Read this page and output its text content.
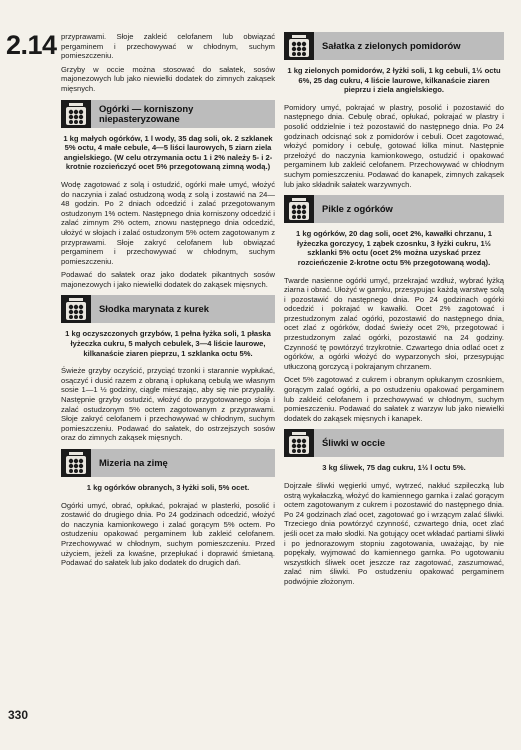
2.14 przyprawami. Słoje zakleić celofanem lub obwiązać pergaminem i przechowywać w chłodnym, suchym pomieszczeniu.

Grzyby w occie można stosować do sałatek, sosów majonezowych lub jako niewielki dodatek do zimnych zakąsek mięsnych.

Ogórki — korniszony niepasteryzowane
1 kg małych ogórków, 1 l wody, 35 dag soli, ok. 2 szklanek 5% octu, 4 małe cebule, 4—5 liści laurowych, 5 ziarn ziela angielskiego. (W celu otrzymania octu 1 i 2% należy 5- i 2-krotnie rozcieńczyć ocet 5% przegotowaną zimną wodą.)

Wodę zagotować z solą i ostudzić, ogórki małe umyć, włożyć do naczynia i zalać ostudzoną wodą z solą i zostawić na 24—48 godzin. Po 2 dniach odcedzić i zalać przegotowanym ostudzonym 1% octem. Następnego dnia korniszony odcedzić i zalać zimnym 2% octem, znowu następnego dnia odcedzić, ułożyć w słojach i zalać ostudzonym 5% octem zagotowanym z przyprawami. Słoje zakryć celofanem lub obwiązać pergaminem i przechowywać w chłodnym, suchym pomieszczeniu.

Podawać do sałatek oraz jako dodatek pikantnych sosów majonezowych i jako niewielki dodatek do zakąsek mięsnych.

Słodka marynata z kurek
1 kg oczyszczonych grzybów, 1 pełna łyżka soli, 1 płaska łyżeczka cukru, 5 małych cebulek, 3—4 liście laurowe, kilkanaście ziaren pieprzu, 1 szklanka octu 5%.

Świeże grzyby oczyścić, przyciąć trzonki i starannie wypłukać, osączyć i dusić razem z obraną i opłukaną cebulą we własnym sosie 1—1 ½ godziny, ciągle mieszając, aby się nie przypaliły. Następnie grzyby ostudzić, włożyć do przygotowanego słoja i zalać ostudzonym 5% octem zagotowanym z przyprawami. Słoje zakryć celofanem i przechowywać w chłodnym, suchym pomieszczeniu. Podawać do sałatek, do ostrzejszych sosów oraz do zimnych zakąsek mięsnych.

Mizeria na zimę
1 kg ogórków obranych, 3 łyżki soli, 5% ocet.

Ogórki umyć, obrać, opłukać, pokrajać w plasterki, posolić i zostawić do drugiego dnia. Po 24 godzinach odcedzić, włożyć do naczynia kamionkowego i zalać gorącym 5% octem. Po ostudzeniu opakować pergaminem lub zakleić celofanem. Przechowywać w chłodnym, suchym pomieszczeniu. Przed użyciem, jeżeli za kwaśne, przepłukać i doprawić śmietaną. Podawać do sałatek lub jako dodatek do drugich dań.

Sałatka z zielonych pomidorów
1 kg zielonych pomidorów, 2 łyżki soli, 1 kg cebuli, 1½ octu 6%, 25 dag cukru, 4 liście laurowe, kilkanaście ziaren pieprzu i ziela angielskiego.

Pomidory umyć, pokrajać w plastry, posolić i pozostawić do następnego dnia. Cebulę obrać, opłukać, pokrajać w plastry i posolić oddzielnie i też pozostawić do następnego dnia. Po 24 godzinach odcisnąć sok z pomidorów i cebuli. Ocet zagotować, włożyć pomidory i cebulę, gotować kilka minut. Następnie przełożyć do naczynia kamionkowego, ostudzić i opakować pergaminem lub zakleić celofanem. Przechowywać w chłodnym suchym pomieszczeniu. Podawać do kanapek, zimnych zakąsek lub jako składnik sałatek warzywnych.

Pikle z ogórków
1 kg ogórków, 20 dag soli, ocet 2%, kawałki chrzanu, 1 łyżeczka gorczycy, 1 ząbek czosnku, 3 łyżki cukru, 1½ szklanki 5% octu (ocet 2% można uzyskać przez rozcieńczenie 2-krotne octu 5% przegotowaną wodą).

Twarde nasienne ogórki umyć, przekrajać wzdłuż, wybrać łyżką ziarna i obrać. Ułożyć w garnku, przesypując każdą warstwę solą i pozostawić do następnego dnia. Po 24 godzinach ogórki odcedzić i pokrajać w kawałki. Ocet 2% zagotować i przestudzonym zalać ogórki, pozostawić do następnego dnia, ocet zlać z ogórków, dodać świeży ocet 2%, przegotować i przestudzonym zalać ogórki, pozostawić na 24 godziny. Czynność tę powtórzyć trzykrotnie. Czwartego dnia odlać ocet z ogórków, a ogórki włożyć do wyparzonych słoi, przesypując utłuczoną gorczycą i pokrajanym chrzanem.

Ocet 5% zagotować z cukrem i obranym opłukanym czosnkiem, gorącym zalać ogórki, a po ostudzeniu opakować pergaminem lub zakleić celofanem i przechowywać w chłodnym, suchym pomieszczeniu. Podawać do sałatek z warzyw lub jako niewielki dodatek do zakąsek mięsnych i kanapek.

Śliwki w occie
3 kg śliwek, 75 dag cukru, 1½ l octu 5%.

Dojrzałe śliwki węgierki umyć, wytrzeć, nakłuć szpileczką lub ostrą wykałaczką, włożyć do kamiennego garnka i zalać gorącym octem zagotowanym z cukrem i pozostawić do następnego dnia. Po 24 godzinach zlać ocet, zagotować go i wrzącym zalać śliwki. Trzeciego dnia powtórzyć czynność, czwartego dnia, ocet zlać jeśli ocet za mało słodki. Na gotujący ocet wkładać partiami śliwki i po jednorazowym stopniu zagotowania, uważając, by nie popękały, wyjmować do kamiennego garnka. Po ugotowaniu wszystkich śliwek ocet jeszcze raz zagotować, zaszumować, zalać nim śliwki. Po ostudzeniu opakować pergaminem podwójnie złożonym.

330
